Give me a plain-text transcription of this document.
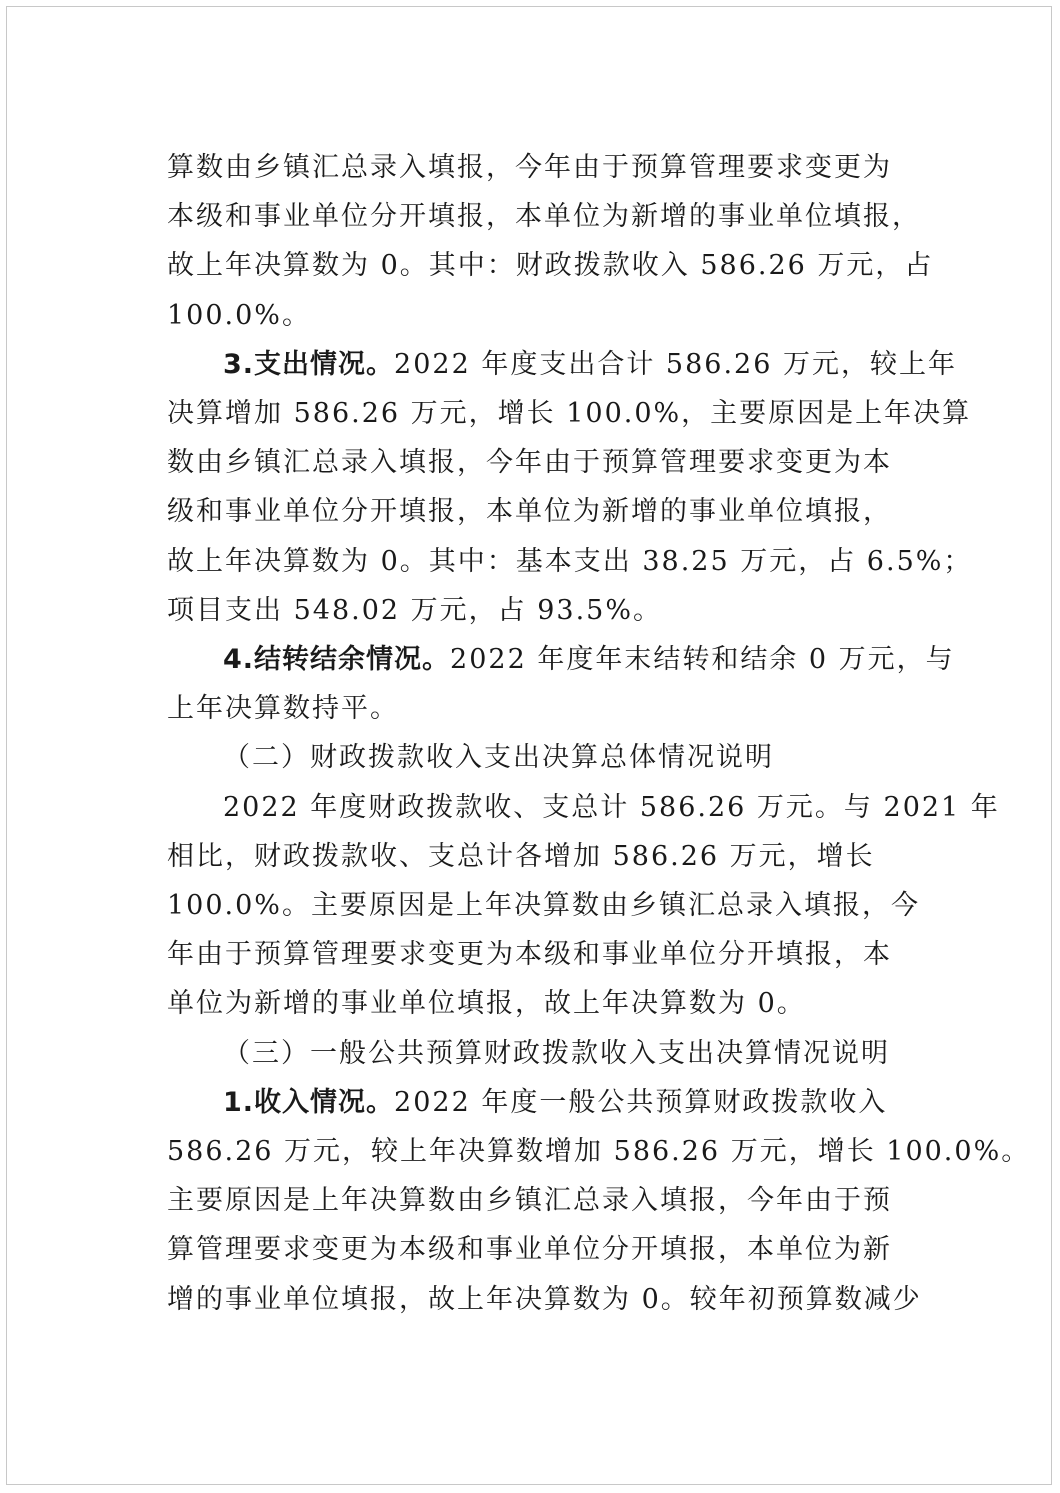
算数由乡镇汇总录入填报，今年由于预算管理要求变更为
本级和事业单位分开填报，本单位为新增的事业单位填报，
故上年决算数为 0。其中：财政拨款收入 586.26 万元，占
100.0%。
3.支出情况。2022 年度支出合计 586.26 万元，较上年
决算增加 586.26 万元，增长 100.0%，主要原因是上年决算
数由乡镇汇总录入填报，今年由于预算管理要求变更为本
级和事业单位分开填报，本单位为新增的事业单位填报，
故上年决算数为 0。其中：基本支出 38.25 万元，占 6.5%；
项目支出 548.02 万元，占 93.5%。
4.结转结余情况。2022 年度年末结转和结余 0 万元，与
上年决算数持平。
（二）财政拨款收入支出决算总体情况说明
2022 年度财政拨款收、支总计 586.26 万元。与 2021 年
相比，财政拨款收、支总计各增加 586.26 万元，增长
100.0%。主要原因是上年决算数由乡镇汇总录入填报，今
年由于预算管理要求变更为本级和事业单位分开填报，本
单位为新增的事业单位填报，故上年决算数为 0。
（三）一般公共预算财政拨款收入支出决算情况说明
1.收入情况。2022 年度一般公共预算财政拨款收入
586.26 万元，较上年决算数增加 586.26 万元，增长 100.0%。
主要原因是上年决算数由乡镇汇总录入填报，今年由于预
算管理要求变更为本级和事业单位分开填报，本单位为新
增的事业单位填报，故上年决算数为 0。较年初预算数减少
